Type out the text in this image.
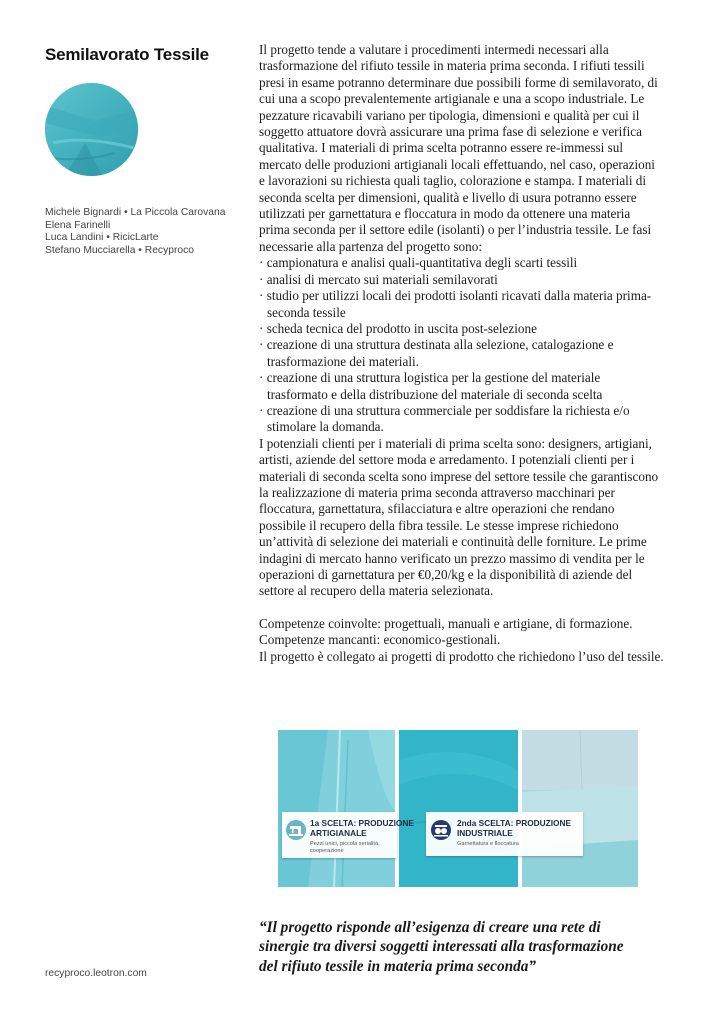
Semilavorato Tessile
Michele Bignardi • La Piccola Carovana
Elena Farinelli
Luca Landini • RicicLarte
Stefano Mucciarella • Recyproco
recyproco.leotron.com

Il progetto tende a valutare i procedimenti intermedi necessari alla trasformazione del rifiuto tessile in materia prima seconda. I rifiuti tessili presi in esame potranno determinare due possibili forme di semilavorato, di cui una a scopo prevalentemente artigianale e una a scopo industriale. Le pezzature ricavabili variano per tipologia, dimensioni e qualità per cui il soggetto attuatore dovrà assicurare una prima fase di selezione e verifica qualitativa. I materiali di prima scelta potranno essere re-immessi sul mercato delle produzioni artigianali locali effettuando, nel caso, operazioni e lavorazioni su richiesta quali taglio, colorazione e stampa. I materiali di seconda scelta per dimensioni, qualità e livello di usura potranno essere utilizzati per garnettatura e floccatura in modo da ottenere una materia prima seconda per il settore edile (isolanti) o per l’industria tessile. Le fasi necessarie alla partenza del progetto sono:

· campionatura e analisi quali-quantitativa degli scarti tessili

· analisi di mercato sui materiali semilavorati

· studio per utilizzi locali dei prodotti isolanti ricavati dalla materia prima-seconda tessile

· scheda tecnica del prodotto in uscita post-selezione

· creazione di una struttura destinata alla selezione, catalogazione e trasformazione dei materiali.

· creazione di una struttura logistica per la gestione del materiale trasformato e della distribuzione del materiale di seconda scelta

· creazione di una struttura commerciale per soddisfare la richiesta e/o stimolare la domanda.

I potenziali clienti per i materiali di prima scelta sono: designers, artigiani, artisti, aziende del settore moda e arredamento. I potenziali clienti per i materiali di seconda scelta sono imprese del settore tessile che garantiscono la realizzazione di materia prima seconda attraverso macchinari per floccatura, garnettatura, sfilacciatura e altre operazioni che rendano possibile il recupero della fibra tessile. Le stesse imprese richiedono un’attività di selezione dei materiali e continuità delle forniture. Le prime indagini di mercato hanno verificato un prezzo massimo di vendita per le operazioni di garnettatura per €0,20/kg e la disponibilità di aziende del settore al recupero della materia selezionata.

Competenze coinvolte: progettuali, manuali e artigiane, di formazione.

Competenze mancanti: economico-gestionali.

Il progetto è collegato ai progetti di prodotto che richiedono l’uso del tessile.

1a SCELTA: PRODUZIONE
ARTIGIANALE
Pezzi unici, piccola serialità,
cooperazione
2nda SCELTA: PRODUZIONE
INDUSTRIALE
Garnettatura e floccatura

“Il progetto risponde all’esigenza di creare una rete di

sinergie tra diversi soggetti interessati alla trasformazione

del rifiuto tessile in materia prima seconda”
